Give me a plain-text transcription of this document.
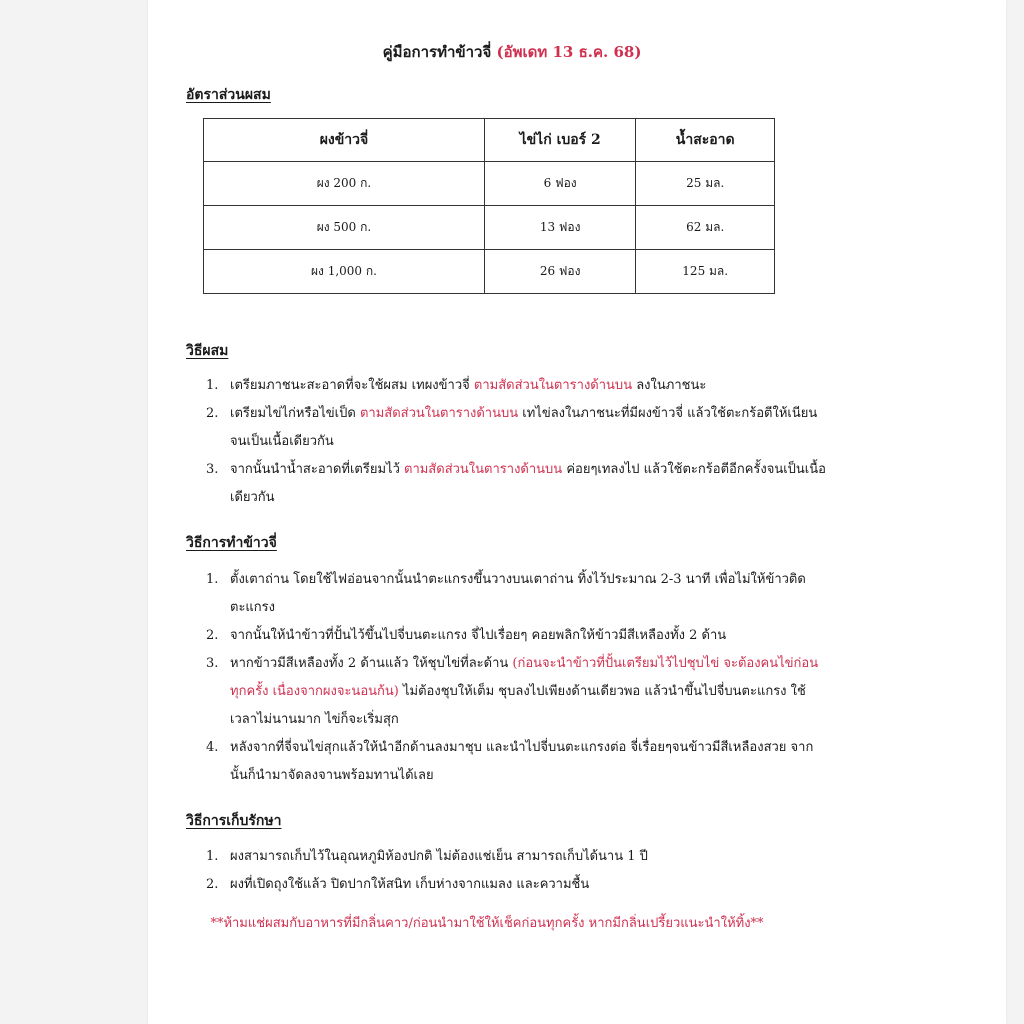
คู่มือการทำข้าวจี่ (อัพเดท 13 ธ.ค. 68)
อัตราส่วนผสม
ผงข้าวจี่	ไข่ไก่ เบอร์ 2	น้ำสะอาด
ผง 200 ก.	6 ฟอง	25 มล.
ผง 500 ก.	13 ฟอง	62 มล.
ผง 1,000 ก.	26 ฟอง	125 มล.
วิธีผสม
1. เตรียมภาชนะสะอาดที่จะใช้ผสม เทผงข้าวจี่ ตามสัดส่วนในตารางด้านบน ลงในภาชนะ
2. เตรียมไข่ไก่หรือไข่เป็ด ตามสัดส่วนในตารางด้านบน เทไข่ลงในภาชนะที่มีผงข้าวจี่ แล้วใช้ตะกร้อตีให้เนียนจนเป็นเนื้อเดียวกัน
3. จากนั้นนำน้ำสะอาดที่เตรียมไว้ ตามสัดส่วนในตารางด้านบน ค่อยๆเทลงไป แล้วใช้ตะกร้อตีอีกครั้งจนเป็นเนื้อเดียวกัน
วิธีการทำข้าวจี่
1. ตั้งเตาถ่าน โดยใช้ไฟอ่อนจากนั้นนำตะแกรงขึ้นวางบนเตาถ่าน ทิ้งไว้ประมาณ 2-3 นาที เพื่อไม่ให้ข้าวติดตะแกรง
2. จากนั้นให้นำข้าวที่ปั้นไว้ขึ้นไปจี่บนตะแกรง จี่ไปเรื่อยๆ คอยพลิกให้ข้าวมีสีเหลืองทั้ง 2 ด้าน
3. หากข้าวมีสีเหลืองทั้ง 2 ด้านแล้ว ให้ชุบไข่ที่ละด้าน (ก่อนจะนำข้าวที่ปั้นเตรียมไว้ไปชุบไข่ จะต้องคนไข่ก่อนทุกครั้ง เนื่องจากผงจะนอนก้น) ไม่ต้องชุบให้เต็ม ชุบลงไปเพียงด้านเดียวพอ แล้วนำขึ้นไปจี่บนตะแกรง ใช้เวลาไม่นานมาก ไข่ก็จะเริ่มสุก
4. หลังจากที่จี่จนไข่สุกแล้วให้นำอีกด้านลงมาชุบ และนำไปจี่บนตะแกรงต่อ จี่เรื่อยๆจนข้าวมีสีเหลืองสวย จากนั้นก็นำมาจัดลงจานพร้อมทานได้เลย
วิธีการเก็บรักษา
1. ผงสามารถเก็บไว้ในอุณหภูมิห้องปกติ ไม่ต้องแช่เย็น สามารถเก็บได้นาน 1 ปี
2. ผงที่เปิดถุงใช้แล้ว ปิดปากให้สนิท เก็บห่างจากแมลง และความชื้น
**ห้ามแช่ผสมกับอาหารที่มีกลิ่นคาว/ก่อนนำมาใช้ให้เช็คก่อนทุกครั้ง หากมีกลิ่นเปรี้ยวแนะนำให้ทิ้ง**
